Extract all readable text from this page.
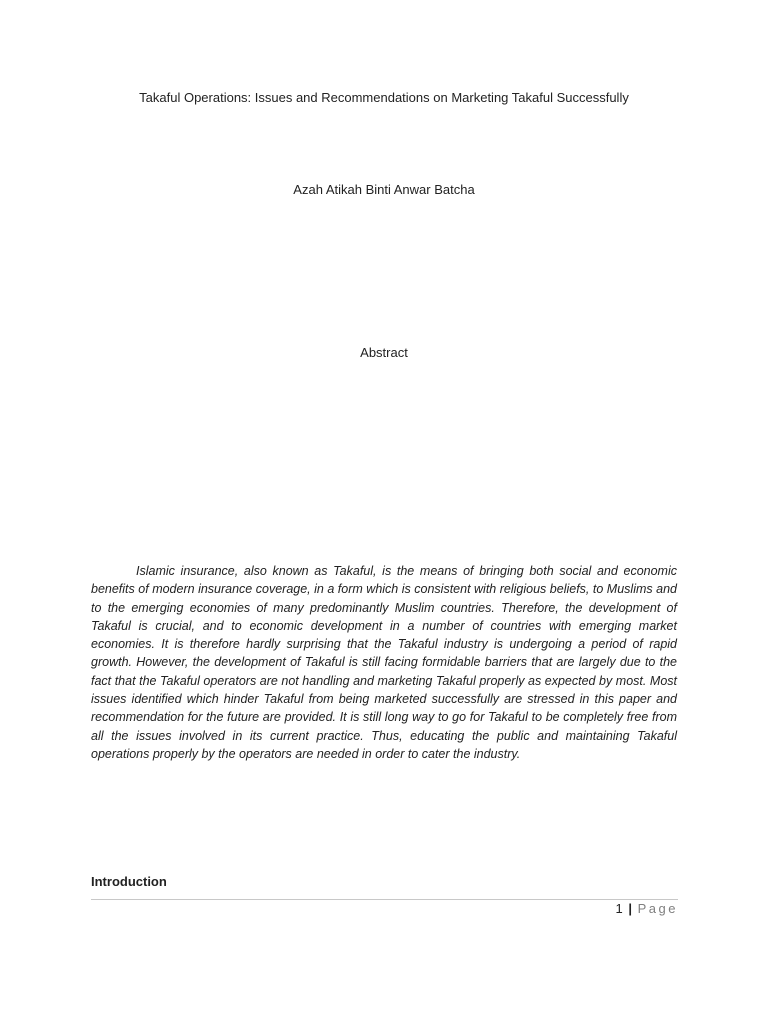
Takaful Operations: Issues and Recommendations on Marketing Takaful Successfully
Azah Atikah Binti Anwar Batcha
Abstract

Islamic insurance, also known as Takaful, is the means of bringing both social and economic benefits of modern insurance coverage, in a form which is consistent with religious beliefs, to Muslims and to the emerging economies of many predominantly Muslim countries. Therefore, the development of Takaful is crucial, and to economic development in a number of countries with emerging market economies. It is therefore hardly surprising that the Takaful industry is undergoing a period of rapid growth. However, the development of Takaful is still facing formidable barriers that are largely due to the fact that the Takaful operators are not handling and marketing Takaful properly as expected by most. Most issues identified which hinder Takaful from being marketed successfully are stressed in this paper and recommendation for the future are provided. It is still long way to go for Takaful to be completely free from all the issues involved in its current practice. Thus, educating the public and maintaining Takaful operations properly by the operators are needed in order to cater the industry.

Introduction
1 | Page
